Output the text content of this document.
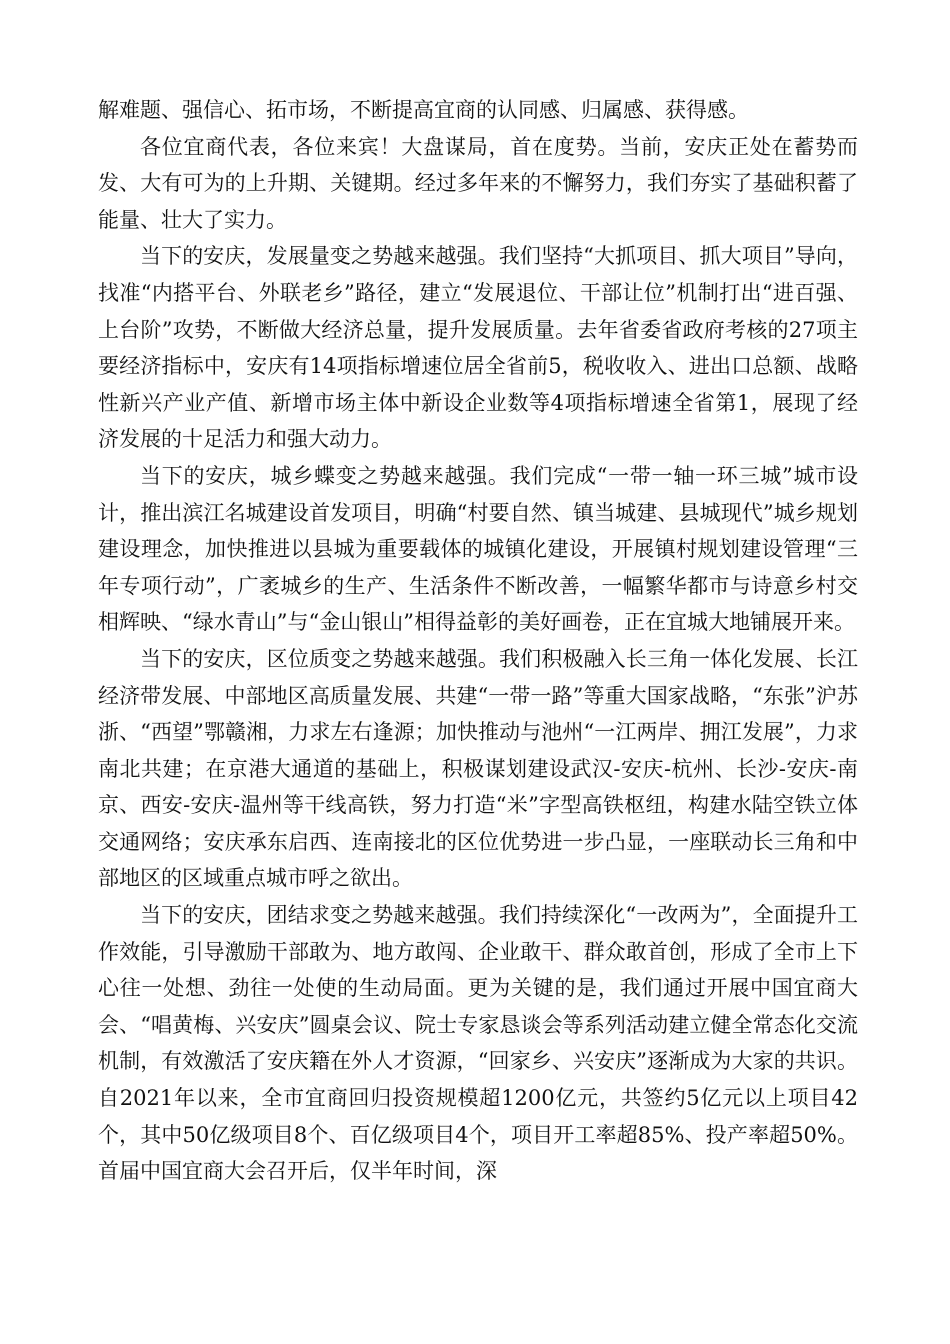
解难题、强信心、拓市场，不断提高宜商的认同感、归属感、获得感。

各位宜商代表，各位来宾！大盘谋局，首在度势。当前，安庆正处在蓄势而发、大有可为的上升期、关键期。经过多年来的不懈努力，我们夯实了基础积蓄了能量、壮大了实力。

当下的安庆，发展量变之势越来越强。我们坚持“大抓项目、抓大项目”导向，找准“内搭平台、外联老乡”路径，建立“发展退位、干部让位”机制打出“进百强、上台阶”攻势，不断做大经济总量，提升发展质量。去年省委省政府考核的27项主要经济指标中，安庆有14项指标增速位居全省前5，税收收入、进出口总额、战略性新兴产业产值、新增市场主体中新设企业数等4项指标增速全省第1，展现了经济发展的十足活力和强大动力。

当下的安庆，城乡蝶变之势越来越强。我们完成“一带一轴一环三城”城市设计，推出滨江名城建设首发项目，明确“村要自然、镇当城建、县城现代”城乡规划建设理念，加快推进以县城为重要载体的城镇化建设，开展镇村规划建设管理“三年专项行动”，广袤城乡的生产、生活条件不断改善，一幅繁华都市与诗意乡村交相辉映、“绿水青山”与“金山银山”相得益彰的美好画卷，正在宜城大地铺展开来。

当下的安庆，区位质变之势越来越强。我们积极融入长三角一体化发展、长江经济带发展、中部地区高质量发展、共建“一带一路”等重大国家战略，“东张”沪苏浙、“西望”鄂赣湘，力求左右逢源；加快推动与池州“一江两岸、拥江发展”，力求南北共建；在京港大通道的基础上，积极谋划建设武汉-安庆-杭州、长沙-安庆-南京、西安-安庆-温州等干线高铁，努力打造“米”字型高铁枢纽，构建水陆空铁立体交通网络；安庆承东启西、连南接北的区位优势进一步凸显，一座联动长三角和中部地区的区域重点城市呼之欲出。

当下的安庆，团结求变之势越来越强。我们持续深化“一改两为”，全面提升工作效能，引导激励干部敢为、地方敢闯、企业敢干、群众敢首创，形成了全市上下心往一处想、劲往一处使的生动局面。更为关键的是，我们通过开展中国宜商大会、“唱黄梅、兴安庆”圆桌会议、院士专家恳谈会等系列活动建立健全常态化交流机制，有效激活了安庆籍在外人才资源，“回家乡、兴安庆”逐渐成为大家的共识。自2021年以来，全市宜商回归投资规模超1200亿元，共签约5亿元以上项目42个，其中50亿级项目8个、百亿级项目4个，项目开工率超85%、投产率超50%。首届中国宜商大会召开后，仅半年时间，深
